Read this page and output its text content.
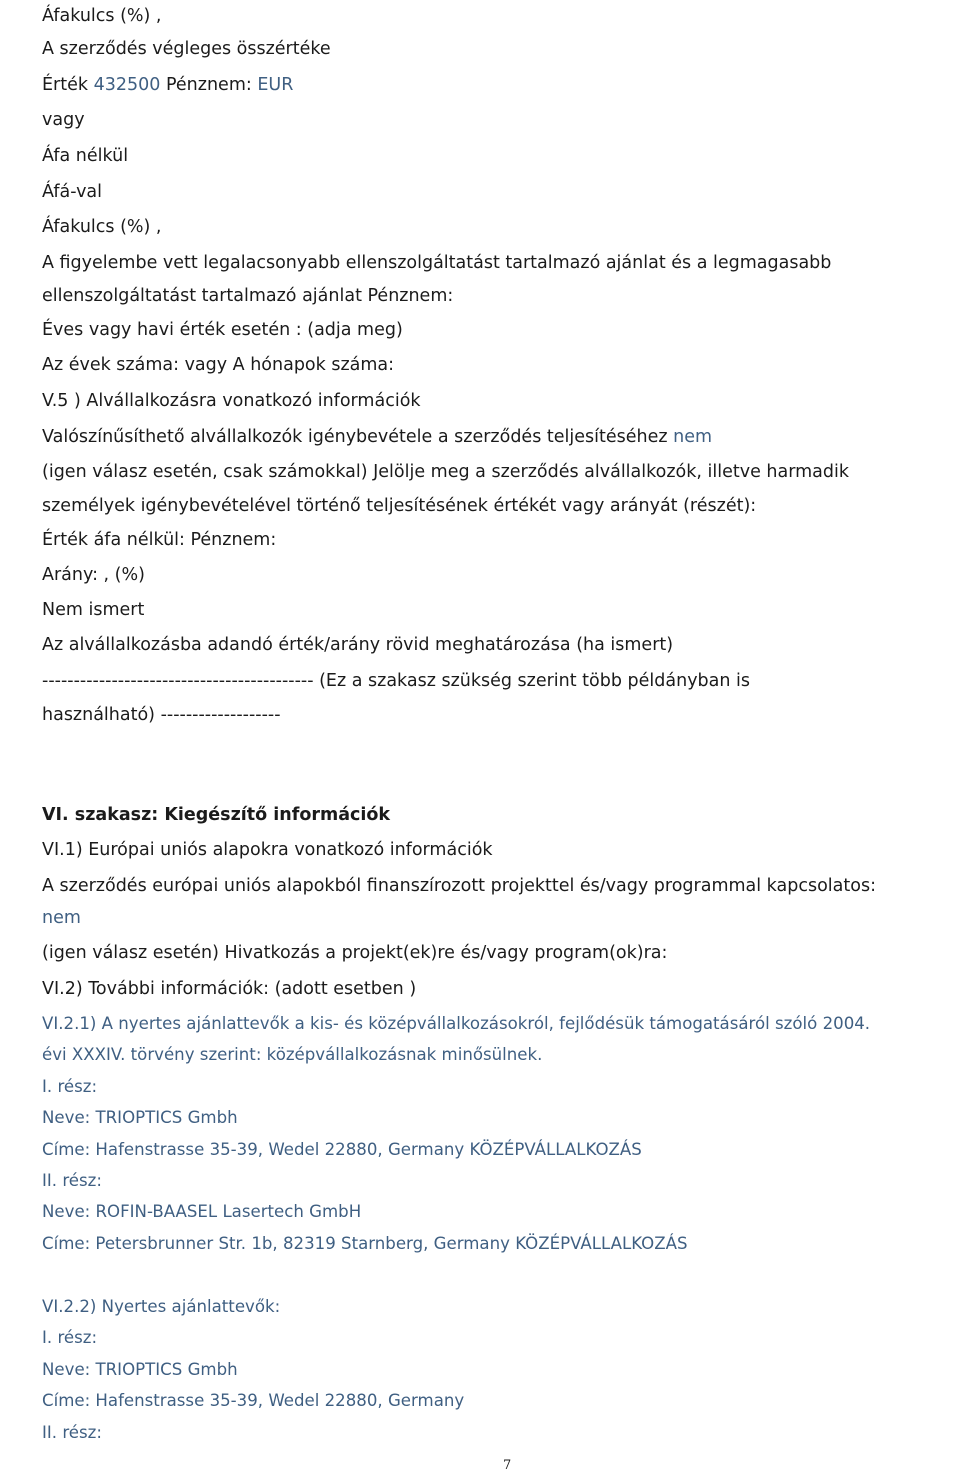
Áfakulcs (%) ,
A szerződés végleges összértéke
Érték 432500 Pénznem: EUR
vagy
Áfa nélkül
Áfá-val
Áfakulcs (%) ,
A figyelembe vett legalacsonyabb ellenszolgáltatást tartalmazó ajánlat és a legmagasabb
ellenszolgáltatást tartalmazó ajánlat Pénznem:
Éves vagy havi érték esetén : (adja meg)
Az évek száma: vagy A hónapok száma:
V.5 ) Alvállalkozásra vonatkozó információk
Valószínűsíthető alvállalkozók igénybevétele a szerződés teljesítéséhez nem
(igen válasz esetén, csak számokkal) Jelölje meg a szerződés alvállalkozók, illetve harmadik
személyek igénybevételével történő teljesítésének értékét vagy arányát (részét):
Érték áfa nélkül: Pénznem:
Arány: , (%)
Nem ismert
Az alvállalkozásba adandó érték/arány rövid meghatározása (ha ismert)
------------------------------------------- (Ez a szakasz szükség szerint több példányban is
használható) -------------------
VI. szakasz: Kiegészítő információk
VI.1) Európai uniós alapokra vonatkozó információk
A szerződés európai uniós alapokból finanszírozott projekttel és/vagy programmal kapcsolatos:
nem
(igen válasz esetén) Hivatkozás a projekt(ek)re és/vagy program(ok)ra:
VI.2) További információk: (adott esetben )
VI.2.1) A nyertes ajánlattevők a kis- és középvállalkozásokról, fejlődésük támogatásáról szóló 2004.
évi XXXIV. törvény szerint: középvállalkozásnak minősülnek.
I. rész:
Neve: TRIOPTICS Gmbh
Címe: Hafenstrasse 35-39, Wedel 22880, Germany KÖZÉPVÁLLALKOZÁS
II. rész:
Neve: ROFIN-BAASEL Lasertech GmbH
Címe: Petersbrunner Str. 1b, 82319 Starnberg, Germany KÖZÉPVÁLLALKOZÁS
VI.2.2) Nyertes ajánlattevők:
I. rész:
Neve: TRIOPTICS Gmbh
Címe: Hafenstrasse 35-39, Wedel 22880, Germany
II. rész:
7
